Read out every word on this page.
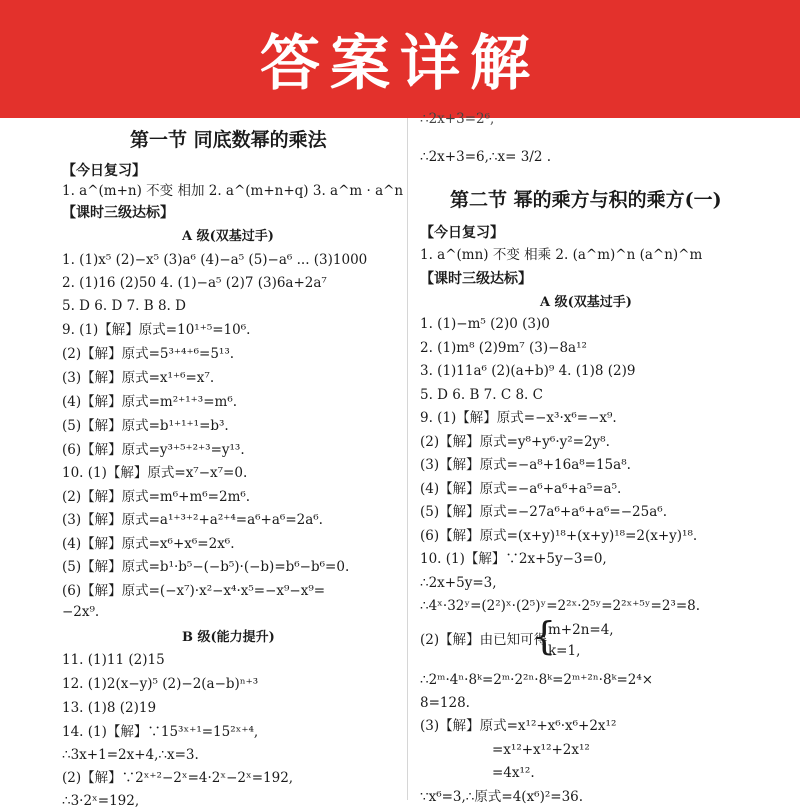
答案详解
第一节 同底数幂的乘法
【今日复习】
1. a^(m+n) 不变 相加 2. a^(m+n+q) 3. a^m · a^n
【课时三级达标】
A 级(双基过手)
1. (1)x⁵ (2)−x⁵ (3)a⁶ (4)−a⁵ (5)−a⁶ ... (3)1000
2. (1)16 (2)50 4. (1)−a⁵ (2)7 (3)6a+2a⁷
5. D 6. D 7. B 8. D
9. (1)【解】原式=10¹⁺⁵=10⁶.
(2)【解】原式=5³⁺⁴⁺⁶=5¹³.
(3)【解】原式=x¹⁺⁶=x⁷.
(4)【解】原式=m²⁺¹⁺³=m⁶.
(5)【解】原式=b¹⁺¹⁺¹=b³.
(6)【解】原式=y³⁺⁵⁺²⁺³=y¹³.
10. (1)【解】原式=x⁷−x⁷=0.
(2)【解】原式=m⁶+m⁶=2m⁶.
(3)【解】原式=a¹⁺³⁺²+a²⁺⁴=a⁶+a⁶=2a⁶.
(4)【解】原式=x⁶+x⁶=2x⁶.
(5)【解】原式=b¹·b⁵−(−b⁵)·(−b)=b⁶−b⁶=0.
(6)【解】原式=(−x⁷)·x²−x⁴·x⁵=−x⁹−x⁹=
−2x⁹.
B 级(能力提升)
11. (1)11 (2)15
12. (1)2(x−y)⁵ (2)−2(a−b)ⁿ⁺³
13. (1)8 (2)19
14. (1)【解】∵15³ˣ⁺¹=15²ˣ⁺⁴,
∴3x+1=2x+4,∴x=3.
(2)【解】∵2ˣ⁺²−2ˣ=4·2ˣ−2ˣ=192,
∴3·2ˣ=192,
∴2x+3=2⁶,
∴2x+3=6,∴x= 3/2 .
第二节 幂的乘方与积的乘方(一)
【今日复习】
1. a^(mn) 不变 相乘 2. (a^m)^n (a^n)^m
【课时三级达标】
A 级(双基过手)
1. (1)−m⁵ (2)0 (3)0
2. (1)m⁸ (2)9m⁷ (3)−8a¹²
3. (1)11a⁶ (2)(a+b)⁹ 4. (1)8 (2)9
5. D 6. B 7. C 8. C
9. (1)【解】原式=−x³·x⁶=−x⁹.
(2)【解】原式=y⁸+y⁶·y²=2y⁸.
(3)【解】原式=−a⁸+16a⁸=15a⁸.
(4)【解】原式=−a⁶+a⁶+a⁵=a⁵.
(5)【解】原式=−27a⁶+a⁶+a⁶=−25a⁶.
(6)【解】原式=(x+y)¹⁸+(x+y)¹⁸=2(x+y)¹⁸.
10. (1)【解】∵2x+5y−3=0,
∴2x+5y=3,
∴4ˣ·32ʸ=(2²)ˣ·(2⁵)ʸ=2²ˣ·2⁵ʸ=2²ˣ⁺⁵ʸ=2³=8.
(2)【解】由已知可得
{
m+2n=4,
k=1,
∴2ᵐ·4ⁿ·8ᵏ=2ᵐ·2²ⁿ·8ᵏ=2ᵐ⁺²ⁿ·8ᵏ=2⁴×
8=128.
(3)【解】原式=x¹²+x⁶·x⁶+2x¹²
=x¹²+x¹²+2x¹²
=4x¹².
∵x⁶=3,∴原式=4(x⁶)²=36.
